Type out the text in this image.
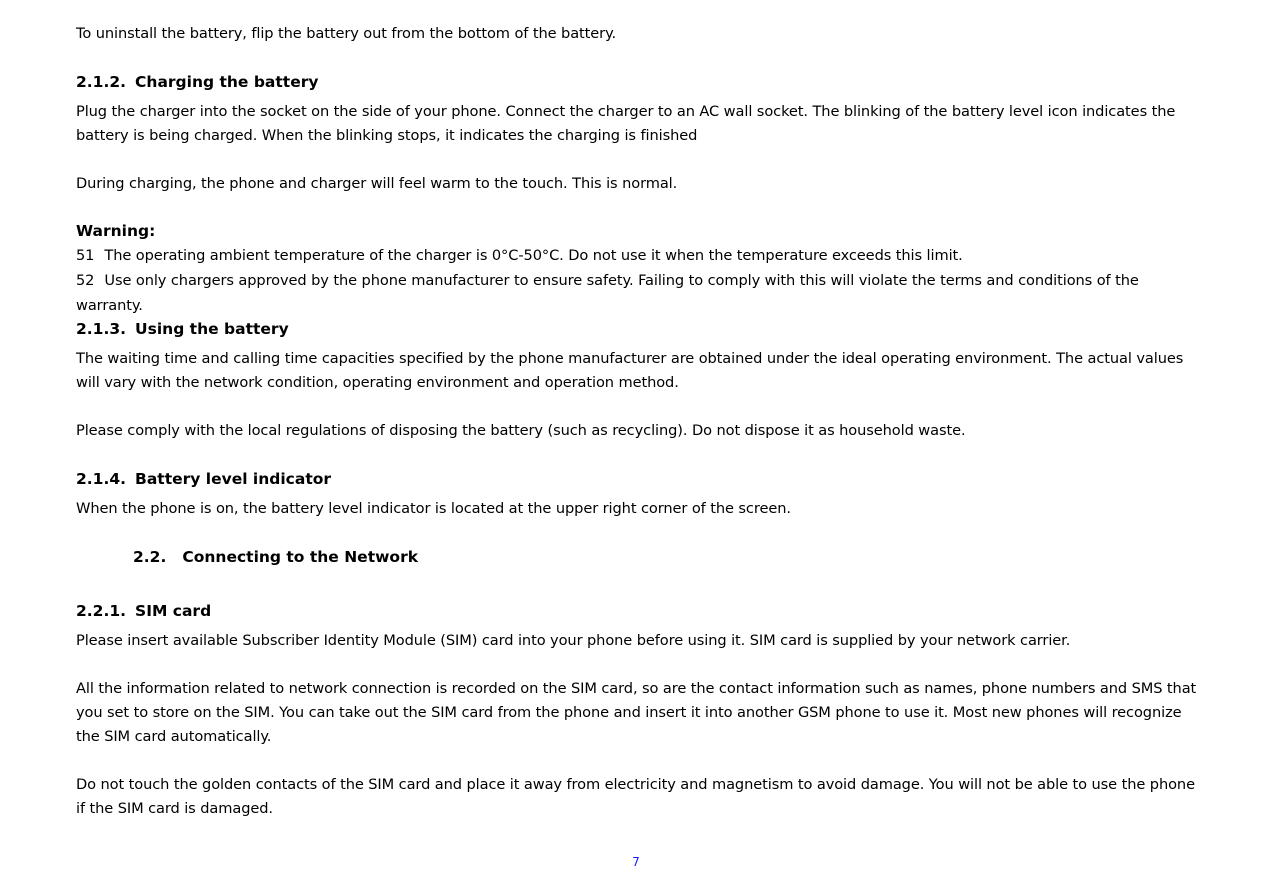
To uninstall the battery, flip the battery out from the bottom of the battery.

2.1.2. Charging the battery

Plug the charger into the socket on the side of your phone. Connect the charger to an AC wall socket. The blinking of the battery level icon indicates the battery is being charged. When the blinking stops, it indicates the charging is finished

During charging, the phone and charger will feel warm to the touch. This is normal.

Warning:

51 The operating ambient temperature of the charger is 0°C-50°C. Do not use it when the temperature exceeds this limit.

52 Use only chargers approved by the phone manufacturer to ensure safety. Failing to comply with this will violate the terms and conditions of the warranty.

2.1.3. Using the battery

The waiting time and calling time capacities specified by the phone manufacturer are obtained under the ideal operating environment. The actual values will vary with the network condition, operating environment and operation method.

Please comply with the local regulations of disposing the battery (such as recycling). Do not dispose it as household waste.

2.1.4. Battery level indicator

When the phone is on, the battery level indicator is located at the upper right corner of the screen.

2.2. Connecting to the Network
2.2.1. SIM card

Please insert available Subscriber Identity Module (SIM) card into your phone before using it. SIM card is supplied by your network carrier.

All the information related to network connection is recorded on the SIM card, so are the contact information such as names, phone numbers and SMS that you set to store on the SIM. You can take out the SIM card from the phone and insert it into another GSM phone to use it. Most new phones will recognize the SIM card automatically.

Do not touch the golden contacts of the SIM card and place it away from electricity and magnetism to avoid damage. You will not be able to use the phone if the SIM card is damaged.

7
